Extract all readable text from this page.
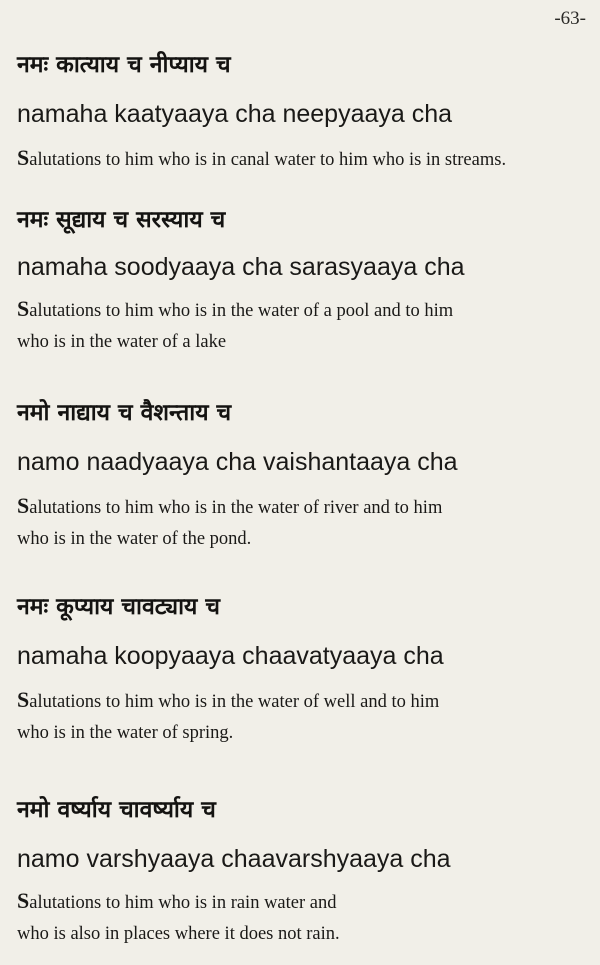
-63-
नमः कात्याय च नीप्याय च
namaha kaatyaaya cha neepyaaya cha

Salutations to him who is in canal water to him who is in streams.

नमः सूद्याय च सरस्याय च
namaha soodyaaya cha sarasyaaya cha

Salutations to him who is in the water of a pool and to him
who is in the water of a lake

नमो नाद्याय च वैशन्ताय च
namo naadyaaya cha vaishantaaya cha

Salutations to him who is in the water of river and to him
who is in the water of the pond.

नमः कूप्याय चावट्याय च
namaha koopyaaya chaavatyaaya cha

Salutations to him who is in the water of well and to him
who is in the water of spring.

नमो वर्ष्याय चावर्ष्याय च
namo varshyaaya chaavarshyaaya cha

Salutations to him who is in rain water and
who is also in places where it does not rain.
